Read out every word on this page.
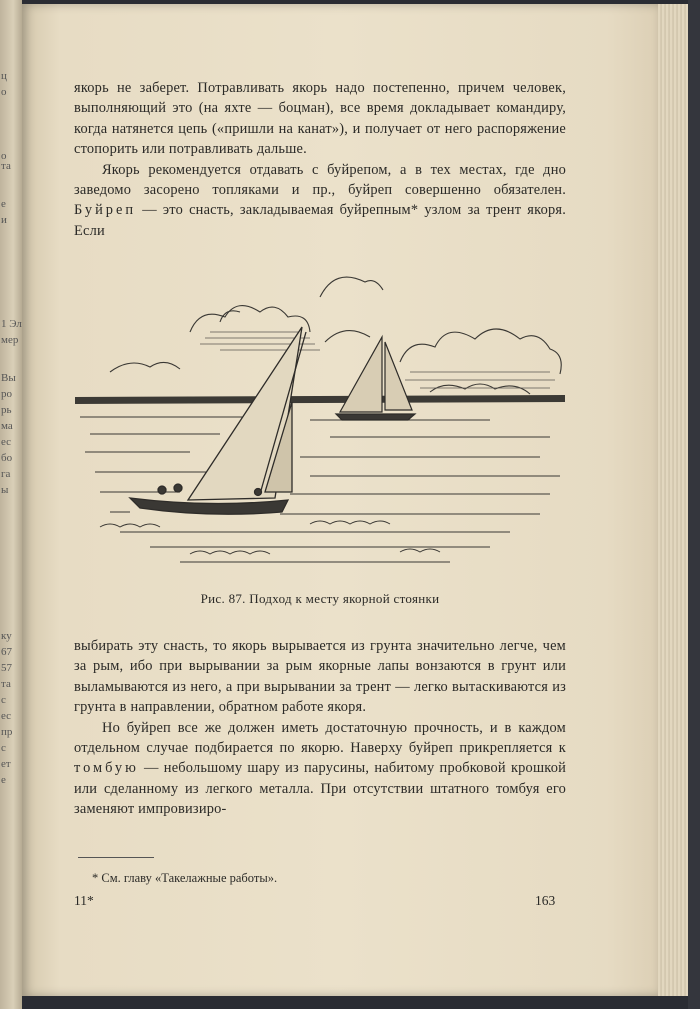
ц
о
о
та
е
и
1 Эл
мер
Вы
ро
рь
ма
ес
бо
га
ы
ку
67
57
та
с
ес
пр
с
ет
е

якорь не заберет. Потравливать якорь надо постепенно, причем человек, выполняющий это (на яхте — боцман), все время докладывает командиру, когда натянется цепь («пришли на канат»), и получает от него распоряжение стопорить или потравливать дальше.

Якорь рекомендуется отдавать с буйрепом, а в тех местах, где дно заведомо засорено топляками и пр., буйреп совершенно обязателен. Буйреп — это снасть, закладываемая буйрепным* узлом за трент якоря. Если

Рис. 87. Подход к месту якорной стоянки

выбирать эту снасть, то якорь вырывается из грунта значительно легче, чем за рым, ибо при вырывании за рым якорные лапы вонзаются в грунт или выламываются из него, а при вырывании за трент — легко вытаскиваются из грунта в направлении, обратном работе якоря.

Но буйреп все же должен иметь достаточную прочность, и в каждом отдельном случае подбирается по якорю. Наверху буйреп прикрепляется к томбую — небольшому шару из парусины, набитому пробковой крошкой или сделанному из легкого металла. При отсутствии штатного томбуя его заменяют импровизиро-

* См. главу «Такелажные работы».
11*	163
